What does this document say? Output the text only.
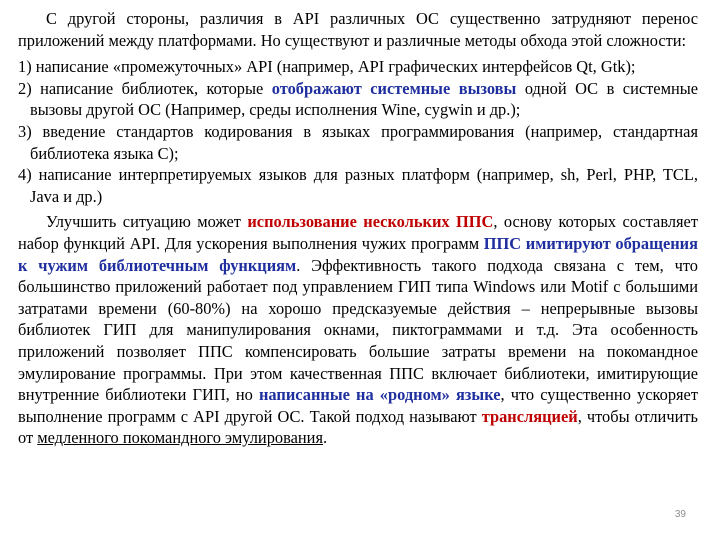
С другой стороны, различия в API различных ОС существенно затрудняют перенос приложений между платформами. Но существуют и различные методы обхода этой сложности:

1) написание «промежуточных» API (например, API графических интерфейсов Qt, Gtk);
2) написание библиотек, которые отображают системные вызовы одной ОС в системные вызовы другой ОС (Например, среды исполнения Wine, cygwin и др.);
3) введение стандартов кодирования в языках программирования (например, стандартная библиотека языка C);
4) написание интерпретируемых языков для разных платформ (например, sh, Perl, PHP, TCL, Java и др.)

Улучшить ситуацию может использование нескольких ППС, основу которых составляет набор функций API. Для ускорения выполнения чужих программ ППС имитируют обращения к чужим библиотечным функциям. Эффективность такого подхода связана с тем, что большинство приложений работает под управлением ГИП типа Windows или Motif с большими затратами времени (60-80%) на хорошо предсказуемые действия – непрерывные вызовы библиотек ГИП для манипулирования окнами, пиктограммами и т.д. Эта особенность приложений позволяет ППС компенсировать большие затраты времени на покомандное эмулирование программы. При этом качественная ППС включает библиотеки, имитирующие внутренние библиотеки ГИП, но написанные на «родном» языке, что существенно ускоряет выполнение программ с API другой ОС. Такой подход называют трансляцией, чтобы отличить от медленного покомандного эмулирования.

39
